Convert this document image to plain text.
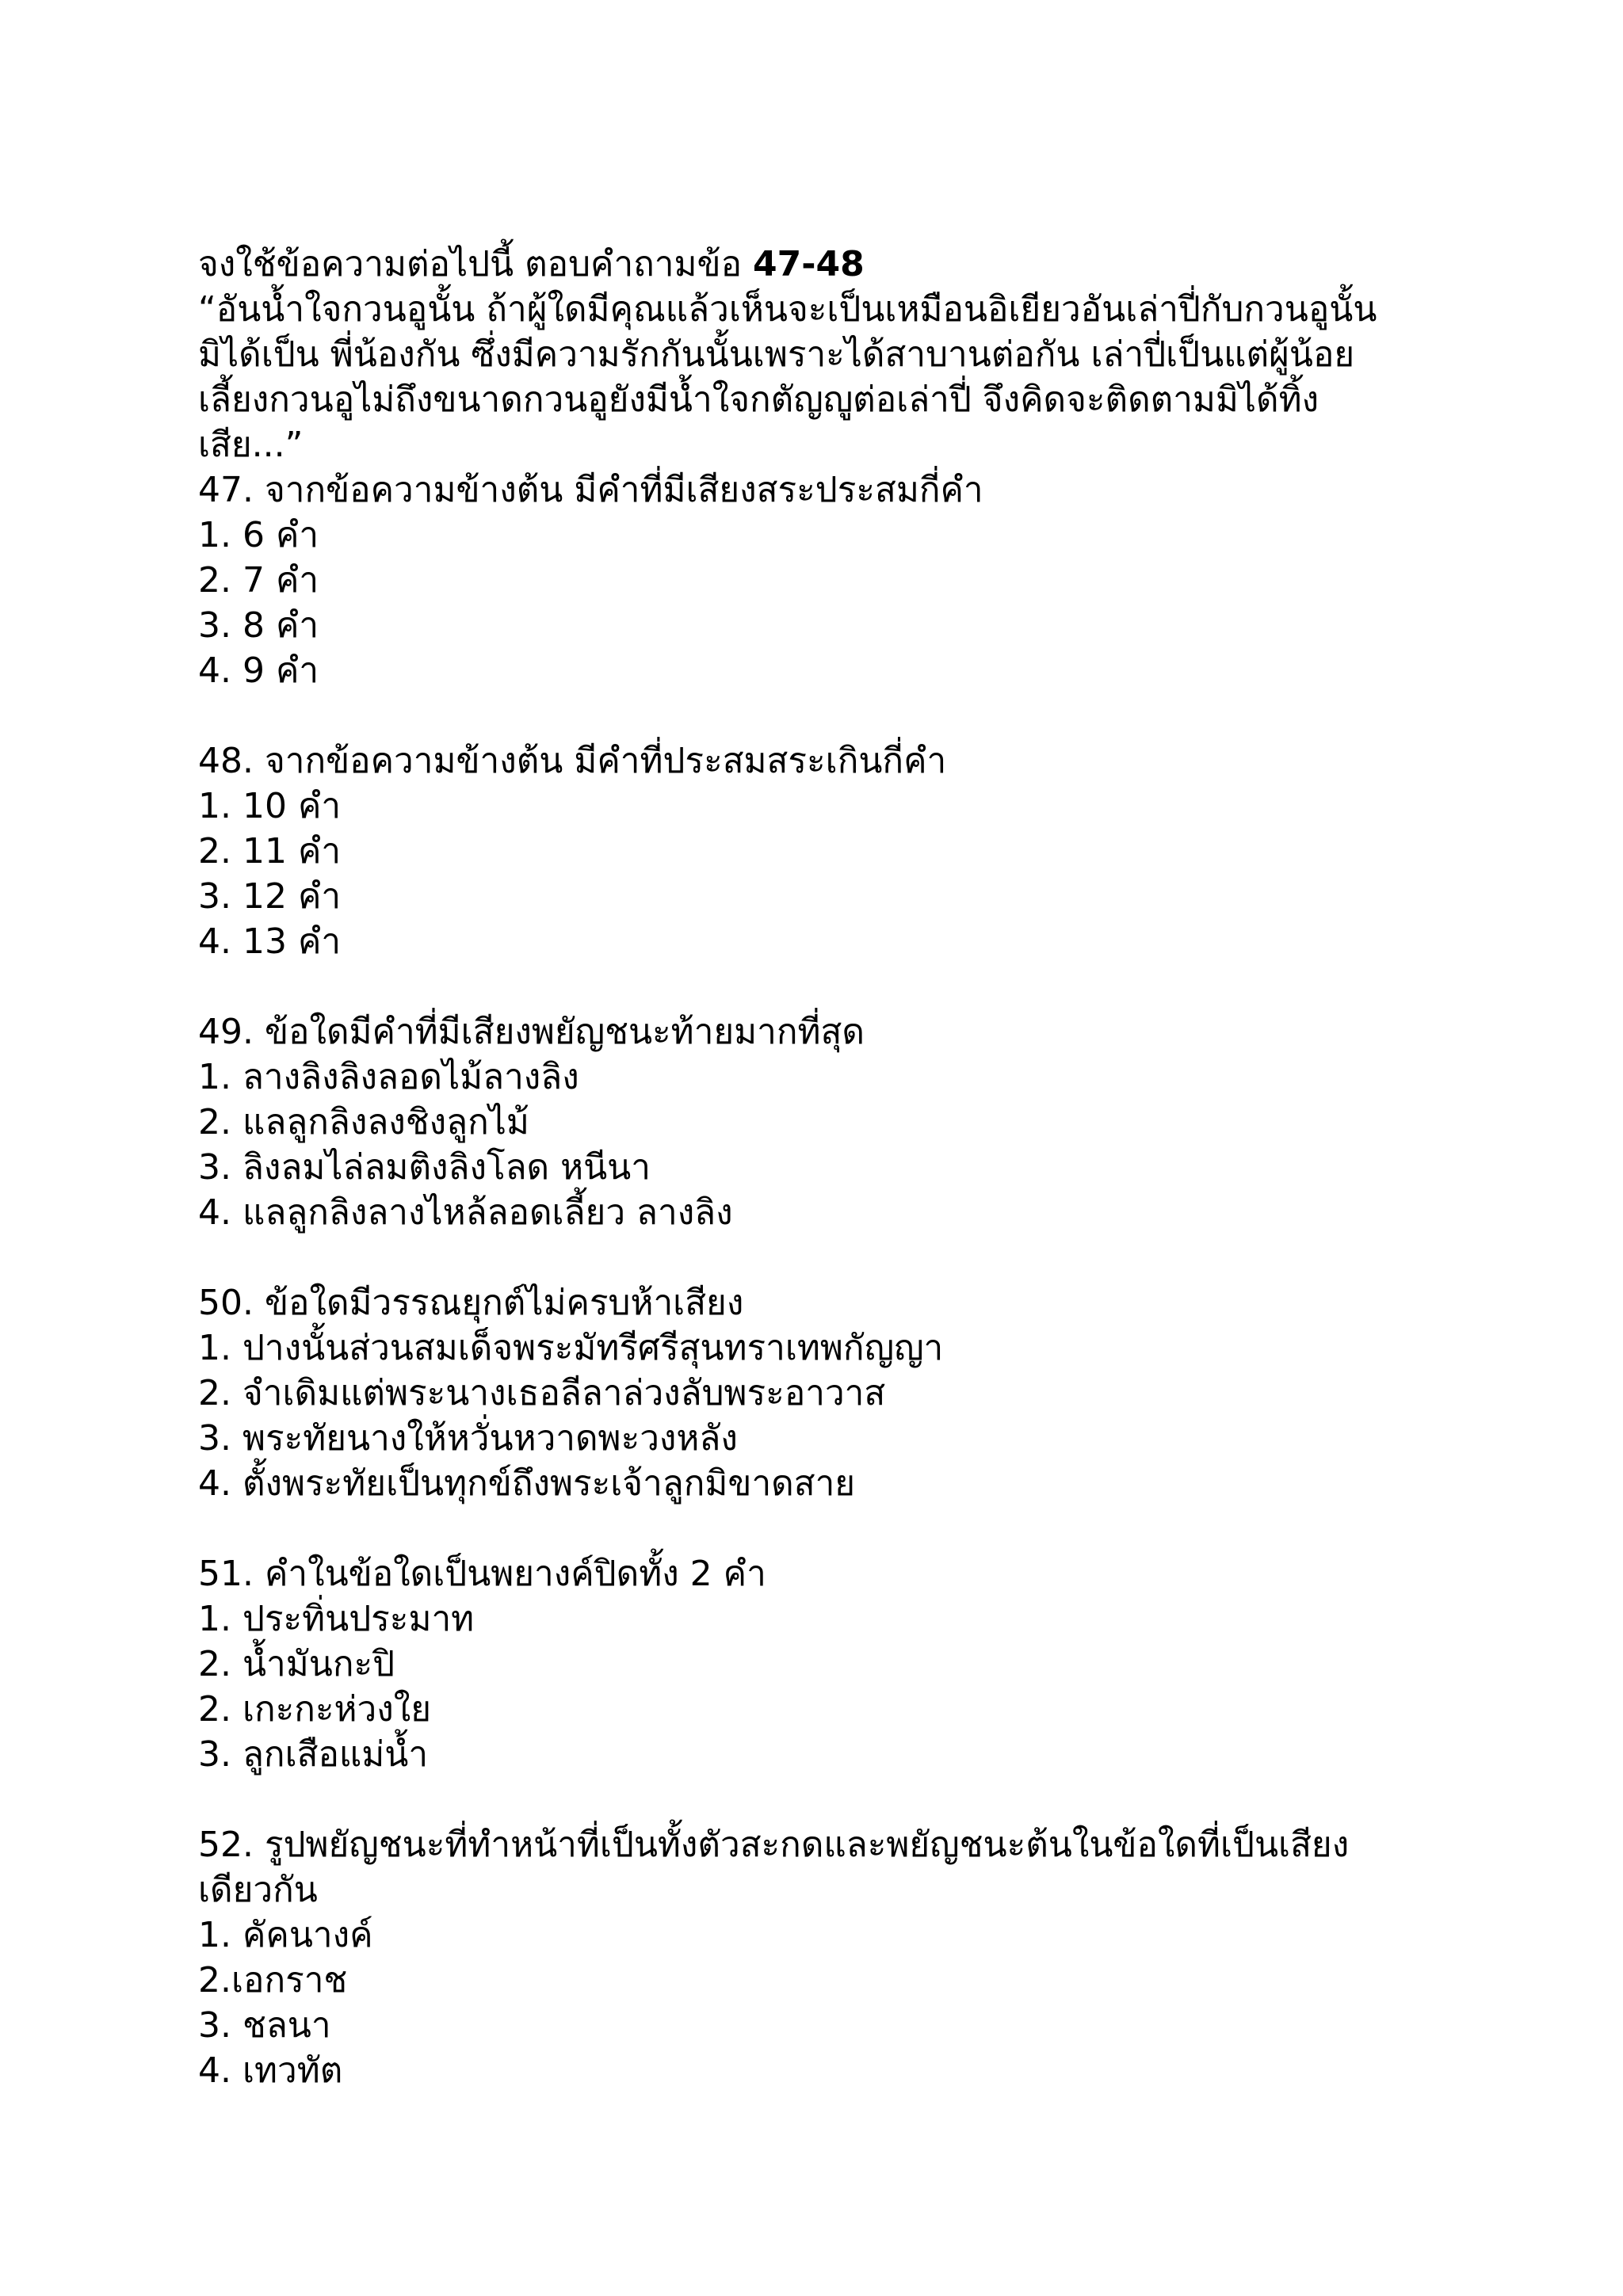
จงใช้ข้อความต่อไปนี้ ตอบคำถามข้อ 47-48
“อันน้ำใจกวนอูนั้น ถ้าผู้ใดมีคุณแล้วเห็นจะเป็นเหมือนอิเยียวอันเล่าปี่กับกวนอูนั้น
มิได้เป็น พี่น้องกัน ซึ่งมีความรักกันนั้นเพราะได้สาบานต่อกัน เล่าปี่เป็นแต่ผู้น้อย
เลี้ยงกวนอูไม่ถึงขนาดกวนอูยังมีน้ำใจกตัญญูต่อเล่าปี่ จึงคิดจะติดตามมิได้ทิ้ง
เสีย...”
47. จากข้อความข้างต้น มีคำที่มีเสียงสระประสมกี่คำ
1. 6 คำ
2. 7 คำ
3. 8 คำ
4. 9 คำ
48. จากข้อความข้างต้น มีคำที่ประสมสระเกินกี่คำ
1. 10 คำ
2. 11 คำ
3. 12 คำ
4. 13 คำ
49. ข้อใดมีคำที่มีเสียงพยัญชนะท้ายมากที่สุด
1. ลางลิงลิงลอดไม้ลางลิง
2. แลลูกลิงลงชิงลูกไม้
3. ลิงลมไล่ลมติงลิงโลด หนีนา
4. แลลูกลิงลางไหล้ลอดเลี้ยว ลางลิง
50. ข้อใดมีวรรณยุกต์ไม่ครบห้าเสียง
1. ปางนั้นส่วนสมเด็จพระมัทรีศรีสุนทราเทพกัญญา
2. จำเดิมแต่พระนางเธอลีลาล่วงลับพระอาวาส
3. พระทัยนางให้หวั่นหวาดพะวงหลัง
4. ตั้งพระทัยเป็นทุกข์ถึงพระเจ้าลูกมิขาดสาย
51. คำในข้อใดเป็นพยางค์ปิดทั้ง 2 คำ
1. ประทิ่นประมาท
2. น้ำมันกะปิ
2. เกะกะห่วงใย
3. ลูกเสือแม่น้ำ
52. รูปพยัญชนะที่ทำหน้าที่เป็นทั้งตัวสะกดและพยัญชนะต้นในข้อใดที่เป็นเสียงเดียวกัน
1. คัคนางค์
2.เอกราช
3. ชลนา
4. เทวทัต
